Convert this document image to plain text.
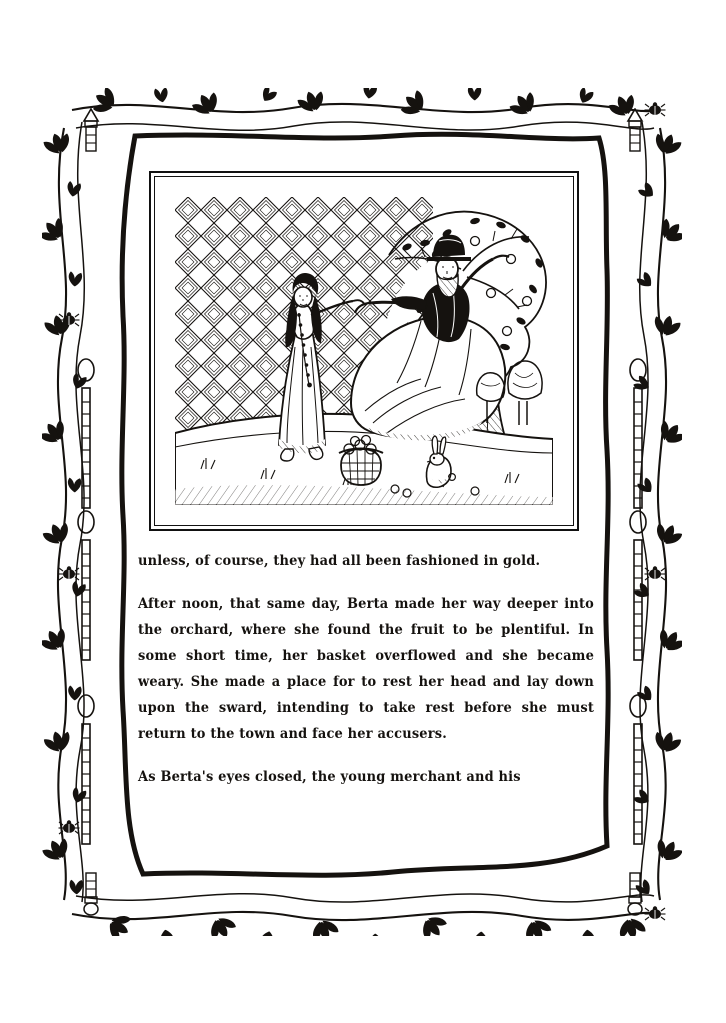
unless, of course, they had all been fashioned in gold.

After noon, that same day, Berta made her way deeper into the orchard, where she found the fruit to be plentiful. In some short time, her basket overflowed and she became weary. She made a place for to rest her head and lay down upon the sward, intending to take rest before she must return to the town and face her accusers.

As Berta's eyes closed, the young merchant and his
